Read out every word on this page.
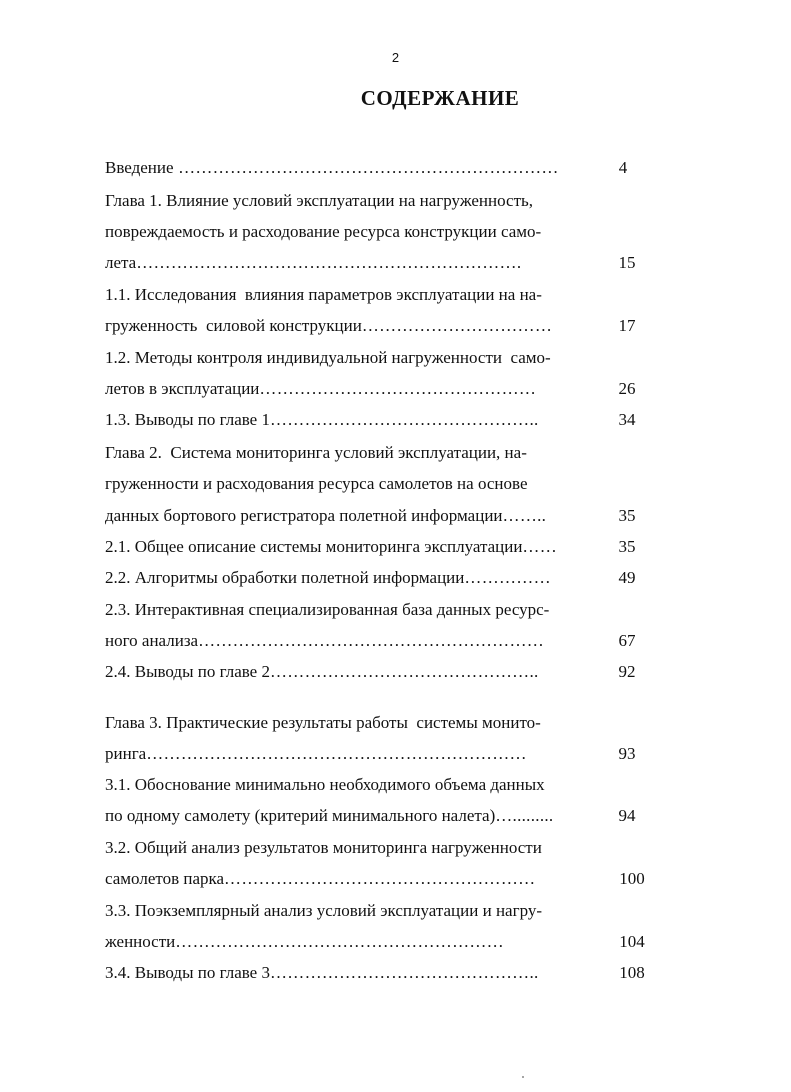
2
СОДЕРЖАНИЕ
Введение …………………………………………………………	4
Глава 1. Влияние условий эксплуатации на нагруженность,
повреждаемость и расходование ресурса конструкции само-
лета………………………………………………………….	15
1.1. Исследования  влияния параметров эксплуатации на на-
груженность  силовой конструкции……………………………	17
1.2. Методы контроля индивидуальной нагруженности  само-
летов в эксплуатации…………………………………………	26
1.3. Выводы по главе 1………………………………………..	34
Глава 2.  Система мониторинга условий эксплуатации, на-
груженности и расходования ресурса самолетов на основе
данных бортового регистратора полетной информации……..	35
2.1. Общее описание системы мониторинга эксплуатации……	35
2.2. Алгоритмы обработки полетной информации……………	49
2.3. Интерактивная специализированная база данных ресурс-
ного анализа……………………………………………………	67
2.4. Выводы по главе 2………………………………………..	92
Глава 3. Практические результаты работы  системы монито-
ринга…………………………………………………………	93
3.1. Обоснование минимально необходимого объема данных
по одному самолету (критерий минимального налета)….........	94
3.2. Общий анализ результатов мониторинга нагруженности
самолетов парка………………………………………………	100
3.3. Поэкземплярный анализ условий эксплуатации и нагру-
женности…………………………………………………	104
3.4. Выводы по главе 3………………………………………..	108
